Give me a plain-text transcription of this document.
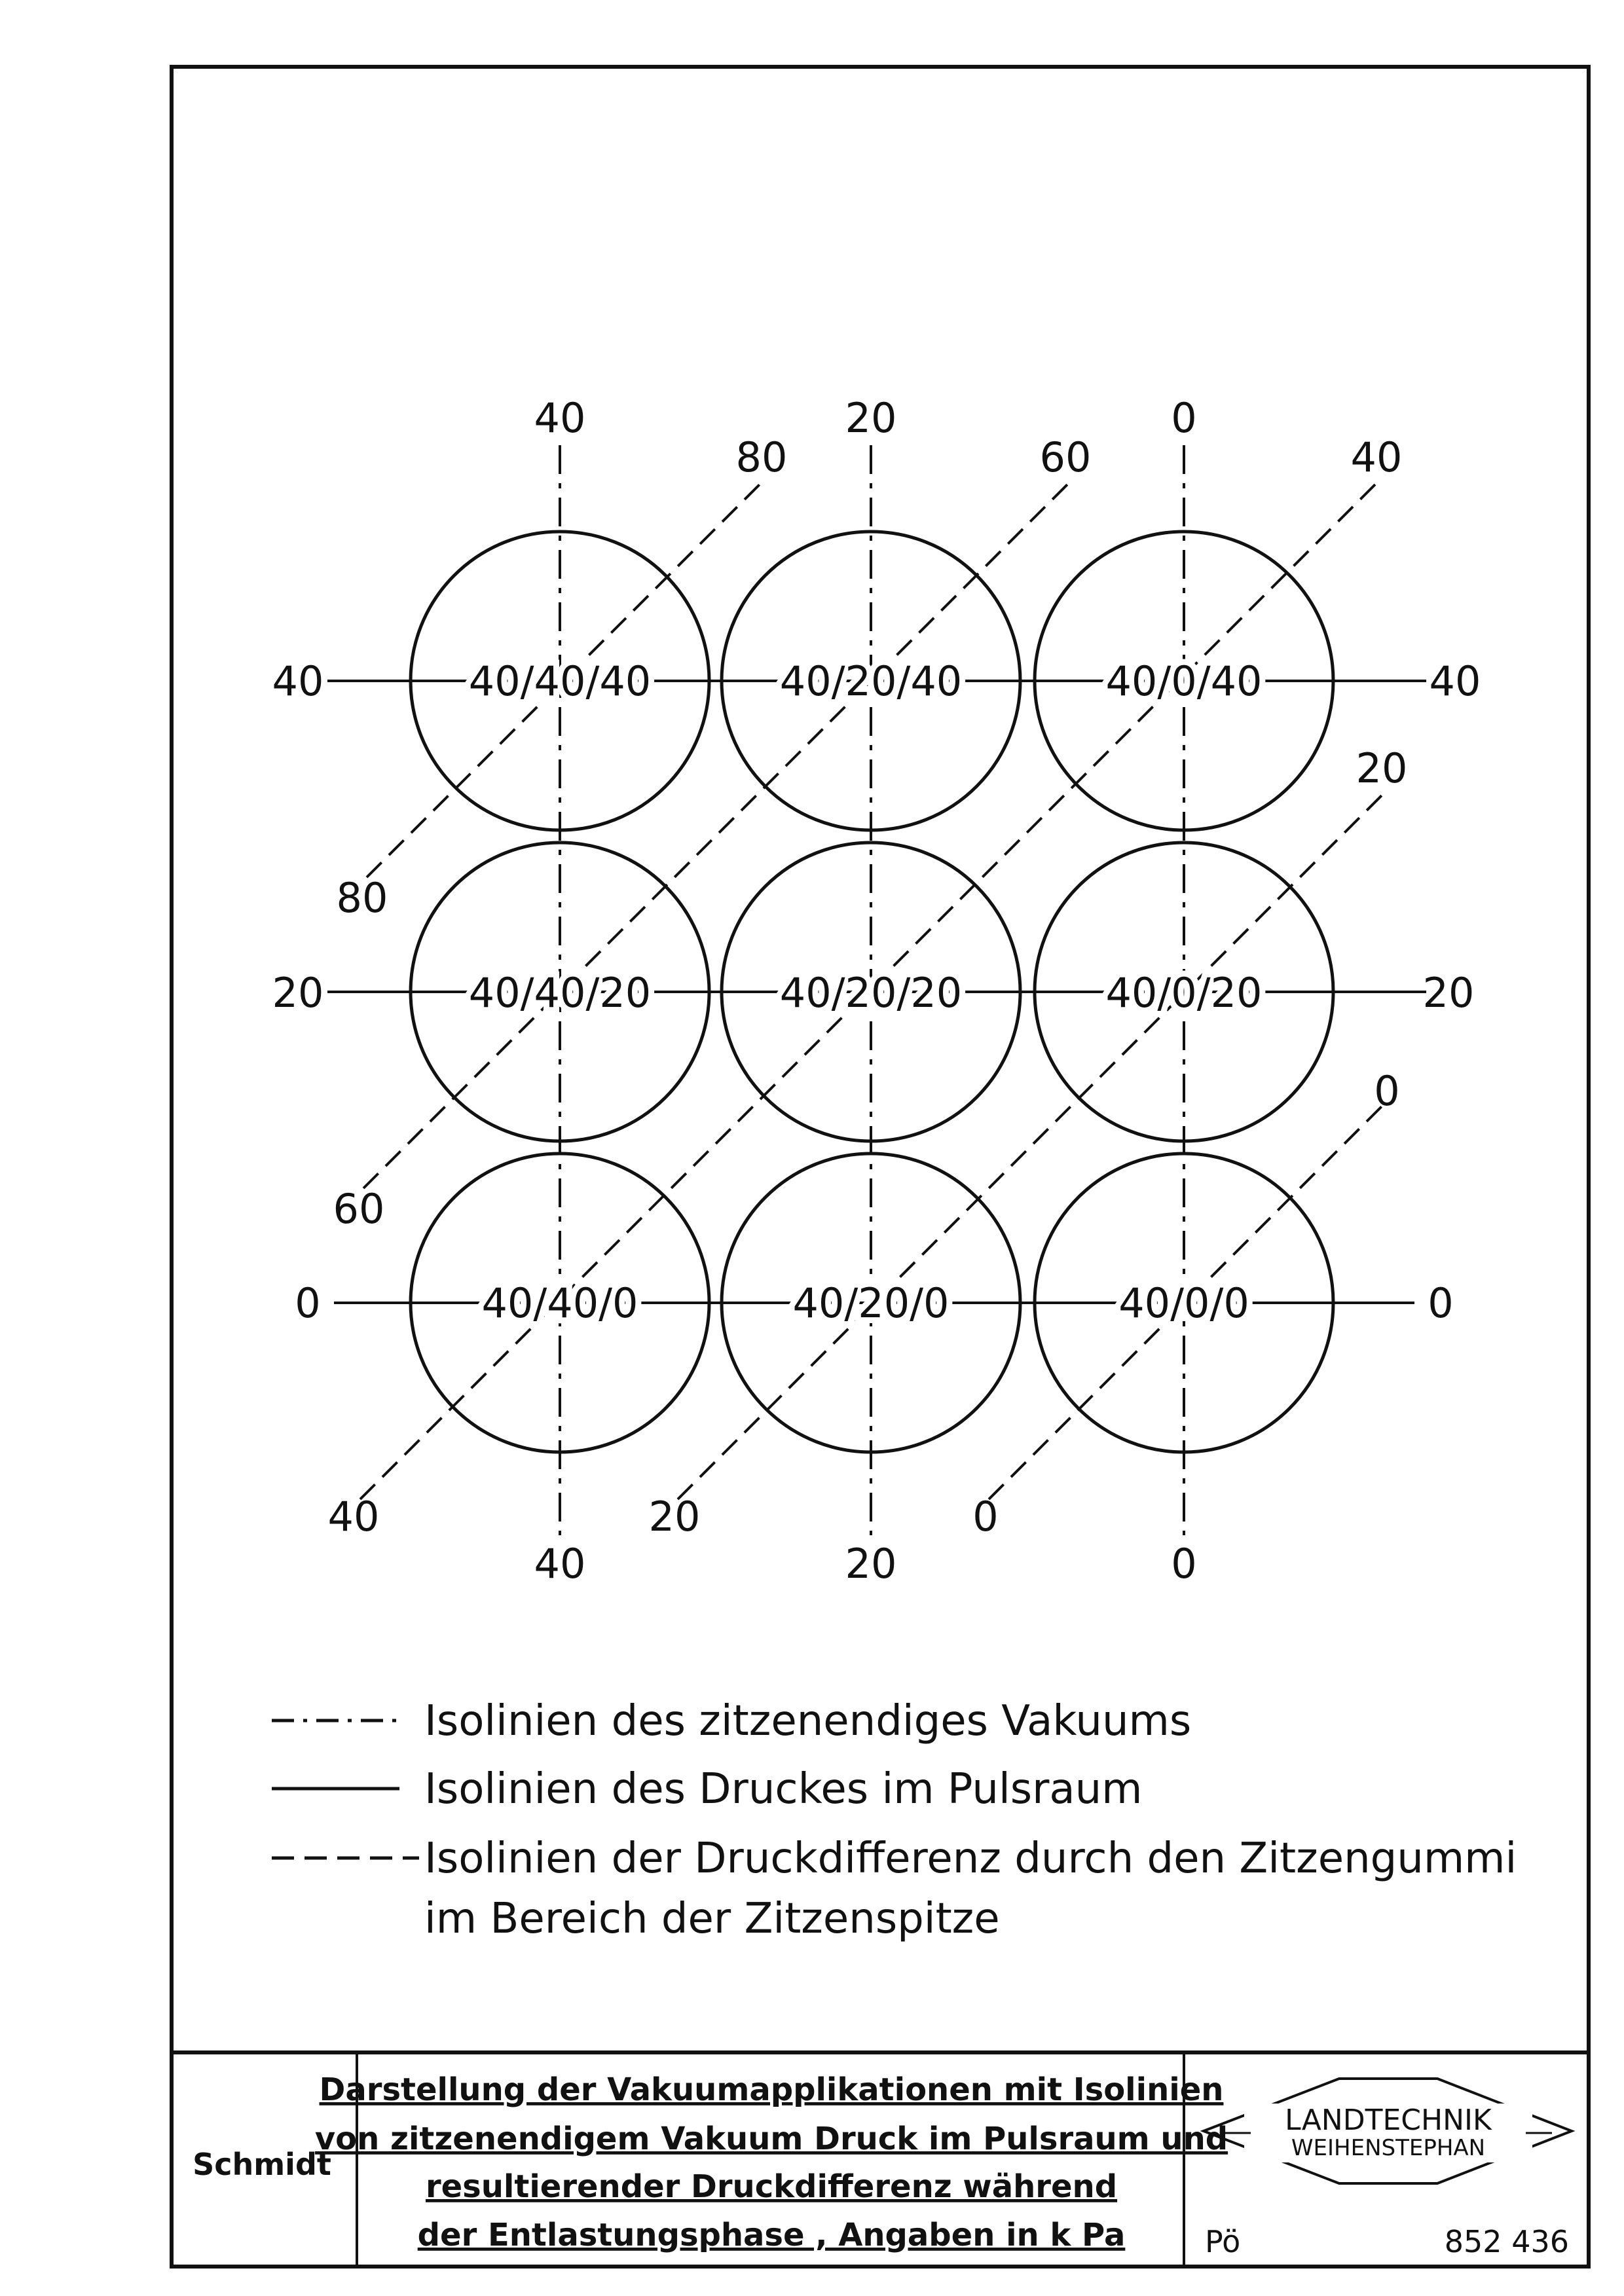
40	20	0
40	20	0
40
20
0
40
20
0
80	60	40
20
0
80
60
40	20	0
40/40/40	40/20/40	40/0/40
40/40/20	40/20/20	40/0/20
40/40/0	40/20/0	40/0/0
Isolinien des zitzenendiges Vakuums
Isolinien des Druckes im Pulsraum
Isolinien der Druckdifferenz durch den Zitzengummi
im Bereich der Zitzenspitze
Schmidt
Darstellung der Vakuumapplikationen mit Isolinien
von zitzenendigem Vakuum Druck im Pulsraum und
resultierender Druckdifferenz während
der Entlastungsphase , Angaben in k Pa
LANDTECHNIK
WEIHENSTEPHAN
Pö	852 436
